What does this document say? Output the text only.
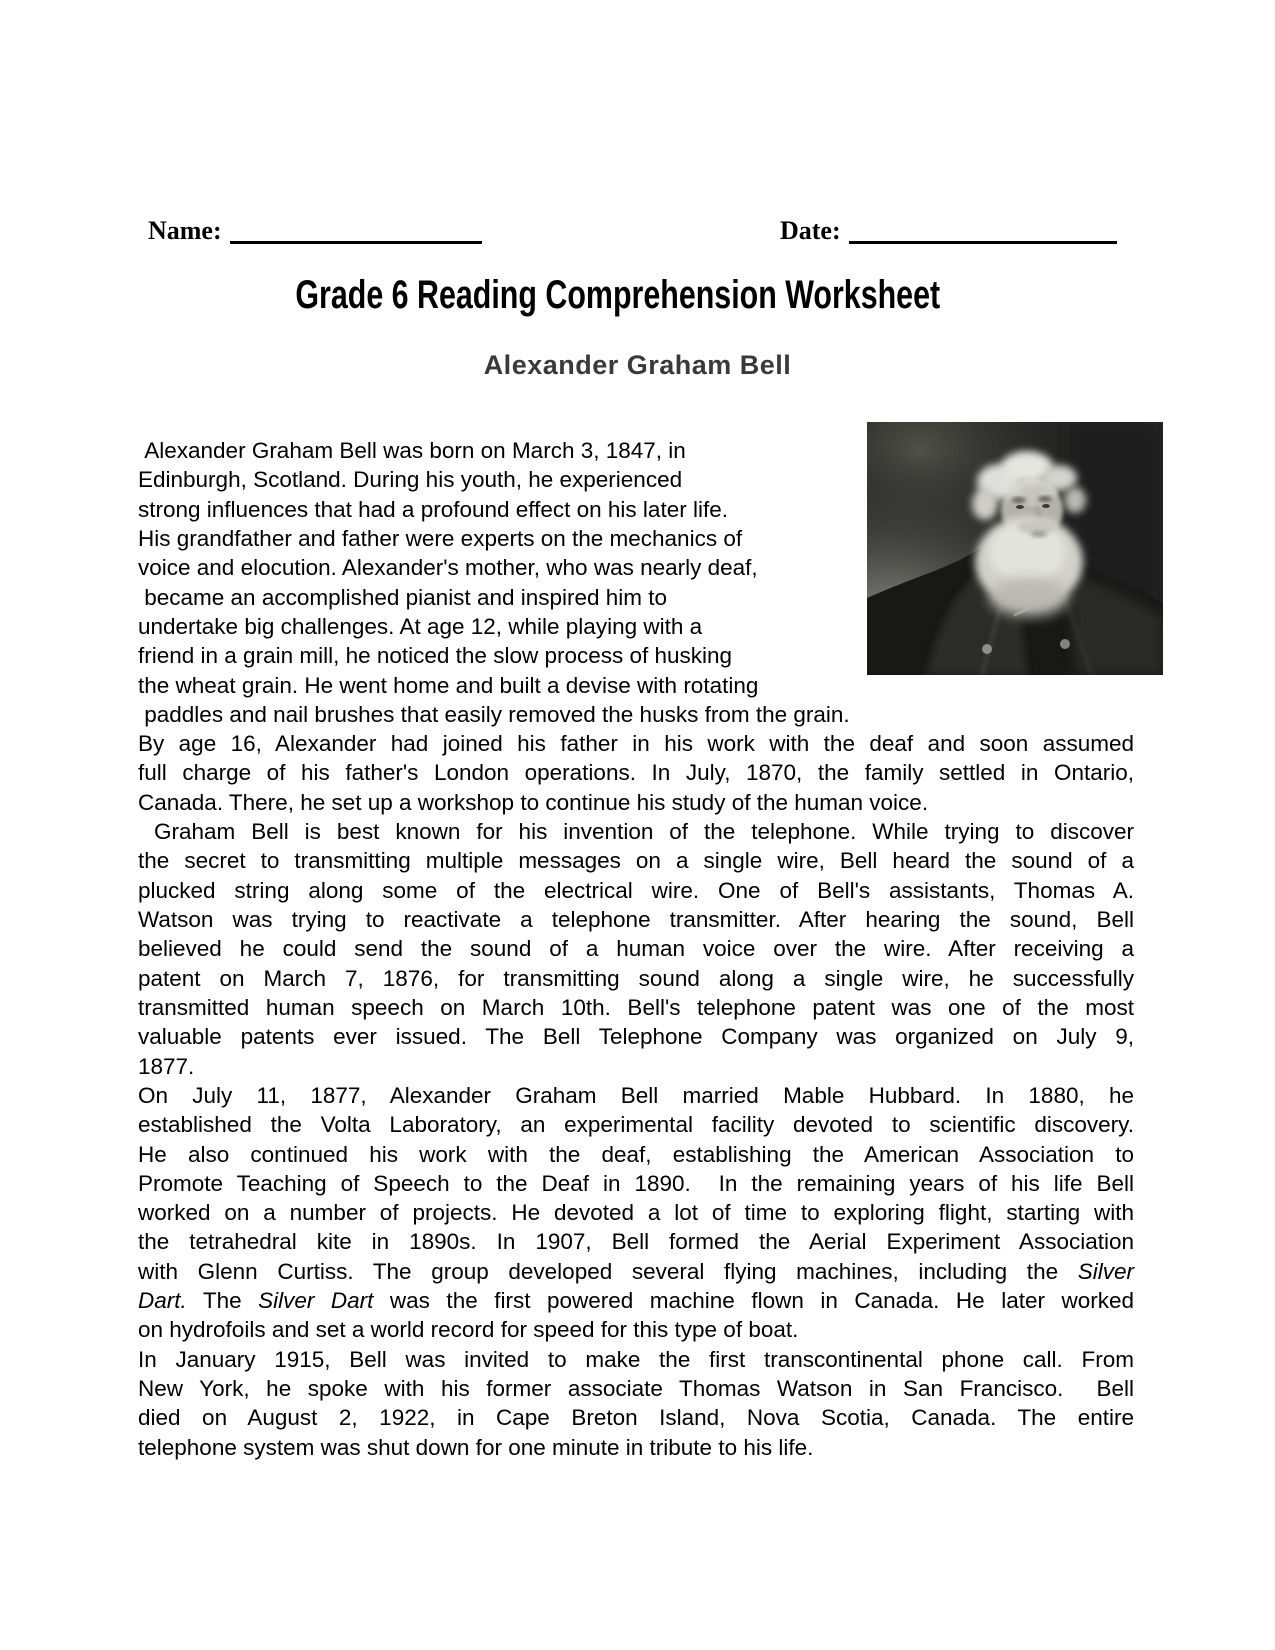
Name:	Date:
Grade 6 Reading Comprehension Worksheet
Alexander Graham Bell
Alexander Graham Bell was born on March 3, 1847, in
Edinburgh, Scotland. During his youth, he experienced
strong influences that had a profound effect on his later life.
His grandfather and father were experts on the mechanics of
voice and elocution. Alexander's mother, who was nearly deaf,
became an accomplished pianist and inspired him to
undertake big challenges. At age 12, while playing with a
friend in a grain mill, he noticed the slow process of husking
the wheat grain. He went home and built a devise with rotating
paddles and nail brushes that easily removed the husks from the grain.
By age 16, Alexander had joined his father in his work with the deaf and soon assumed
full charge of his father's London operations. In July, 1870, the family settled in Ontario,
Canada. There, he set up a workshop to continue his study of the human voice.
Graham Bell is best known for his invention of the telephone. While trying to discover
the secret to transmitting multiple messages on a single wire, Bell heard the sound of a
plucked string along some of the electrical wire. One of Bell's assistants, Thomas A.
Watson was trying to reactivate a telephone transmitter. After hearing the sound, Bell
believed he could send the sound of a human voice over the wire. After receiving a
patent on March 7, 1876, for transmitting sound along a single wire, he successfully
transmitted human speech on March 10th. Bell's telephone patent was one of the most
valuable patents ever issued. The Bell Telephone Company was organized on July 9,
1877.
On July 11, 1877, Alexander Graham Bell married Mable Hubbard. In 1880, he
established the Volta Laboratory, an experimental facility devoted to scientific discovery.
He also continued his work with the deaf, establishing the American Association to
Promote Teaching of Speech to the Deaf in 1890.  In the remaining years of his life Bell
worked on a number of projects. He devoted a lot of time to exploring flight, starting with
the tetrahedral kite in 1890s. In 1907, Bell formed the Aerial Experiment Association
with Glenn Curtiss. The group developed several flying machines, including the Silver
Dart. The Silver Dart was the first powered machine flown in Canada. He later worked
on hydrofoils and set a world record for speed for this type of boat.
In January 1915, Bell was invited to make the first transcontinental phone call. From
New York, he spoke with his former associate Thomas Watson in San Francisco.  Bell
died on August 2, 1922, in Cape Breton Island, Nova Scotia, Canada. The entire
telephone system was shut down for one minute in tribute to his life.
